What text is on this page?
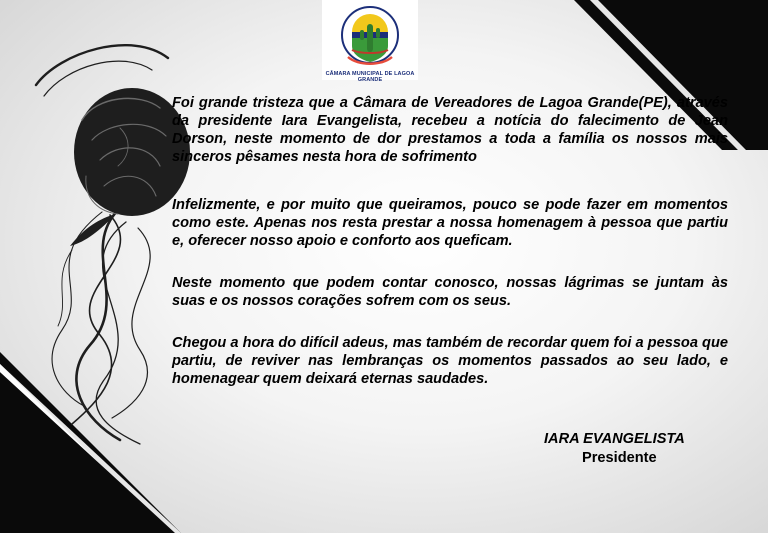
CÂMARA MUNICIPAL DE LAGOA GRANDE

Foi grande tristeza que a Câmara de Vereadores de Lagoa Grande(PE), através da presidente Iara Evangelista, recebeu a notícia do falecimento de Jean Dorson, neste momento de dor prestamos a toda a família os nossos mais sinceros pêsames nesta hora de sofrimento

Infelizmente, e por muito que queiramos, pouco se pode fazer em momentos como este. Apenas nos resta prestar a nossa homenagem à pessoa que partiu e, oferecer nosso apoio e conforto aos queficam.

Neste momento que podem contar conosco, nossas lágrimas se juntam às suas e os nossos corações sofrem com os seus.

Chegou a hora do difícil adeus, mas também de recordar quem foi a pessoa que partiu, de reviver nas lembranças os momentos passados ao seu lado, e homenagear quem deixará eternas saudades.

IARA EVANGELISTA
Presidente
